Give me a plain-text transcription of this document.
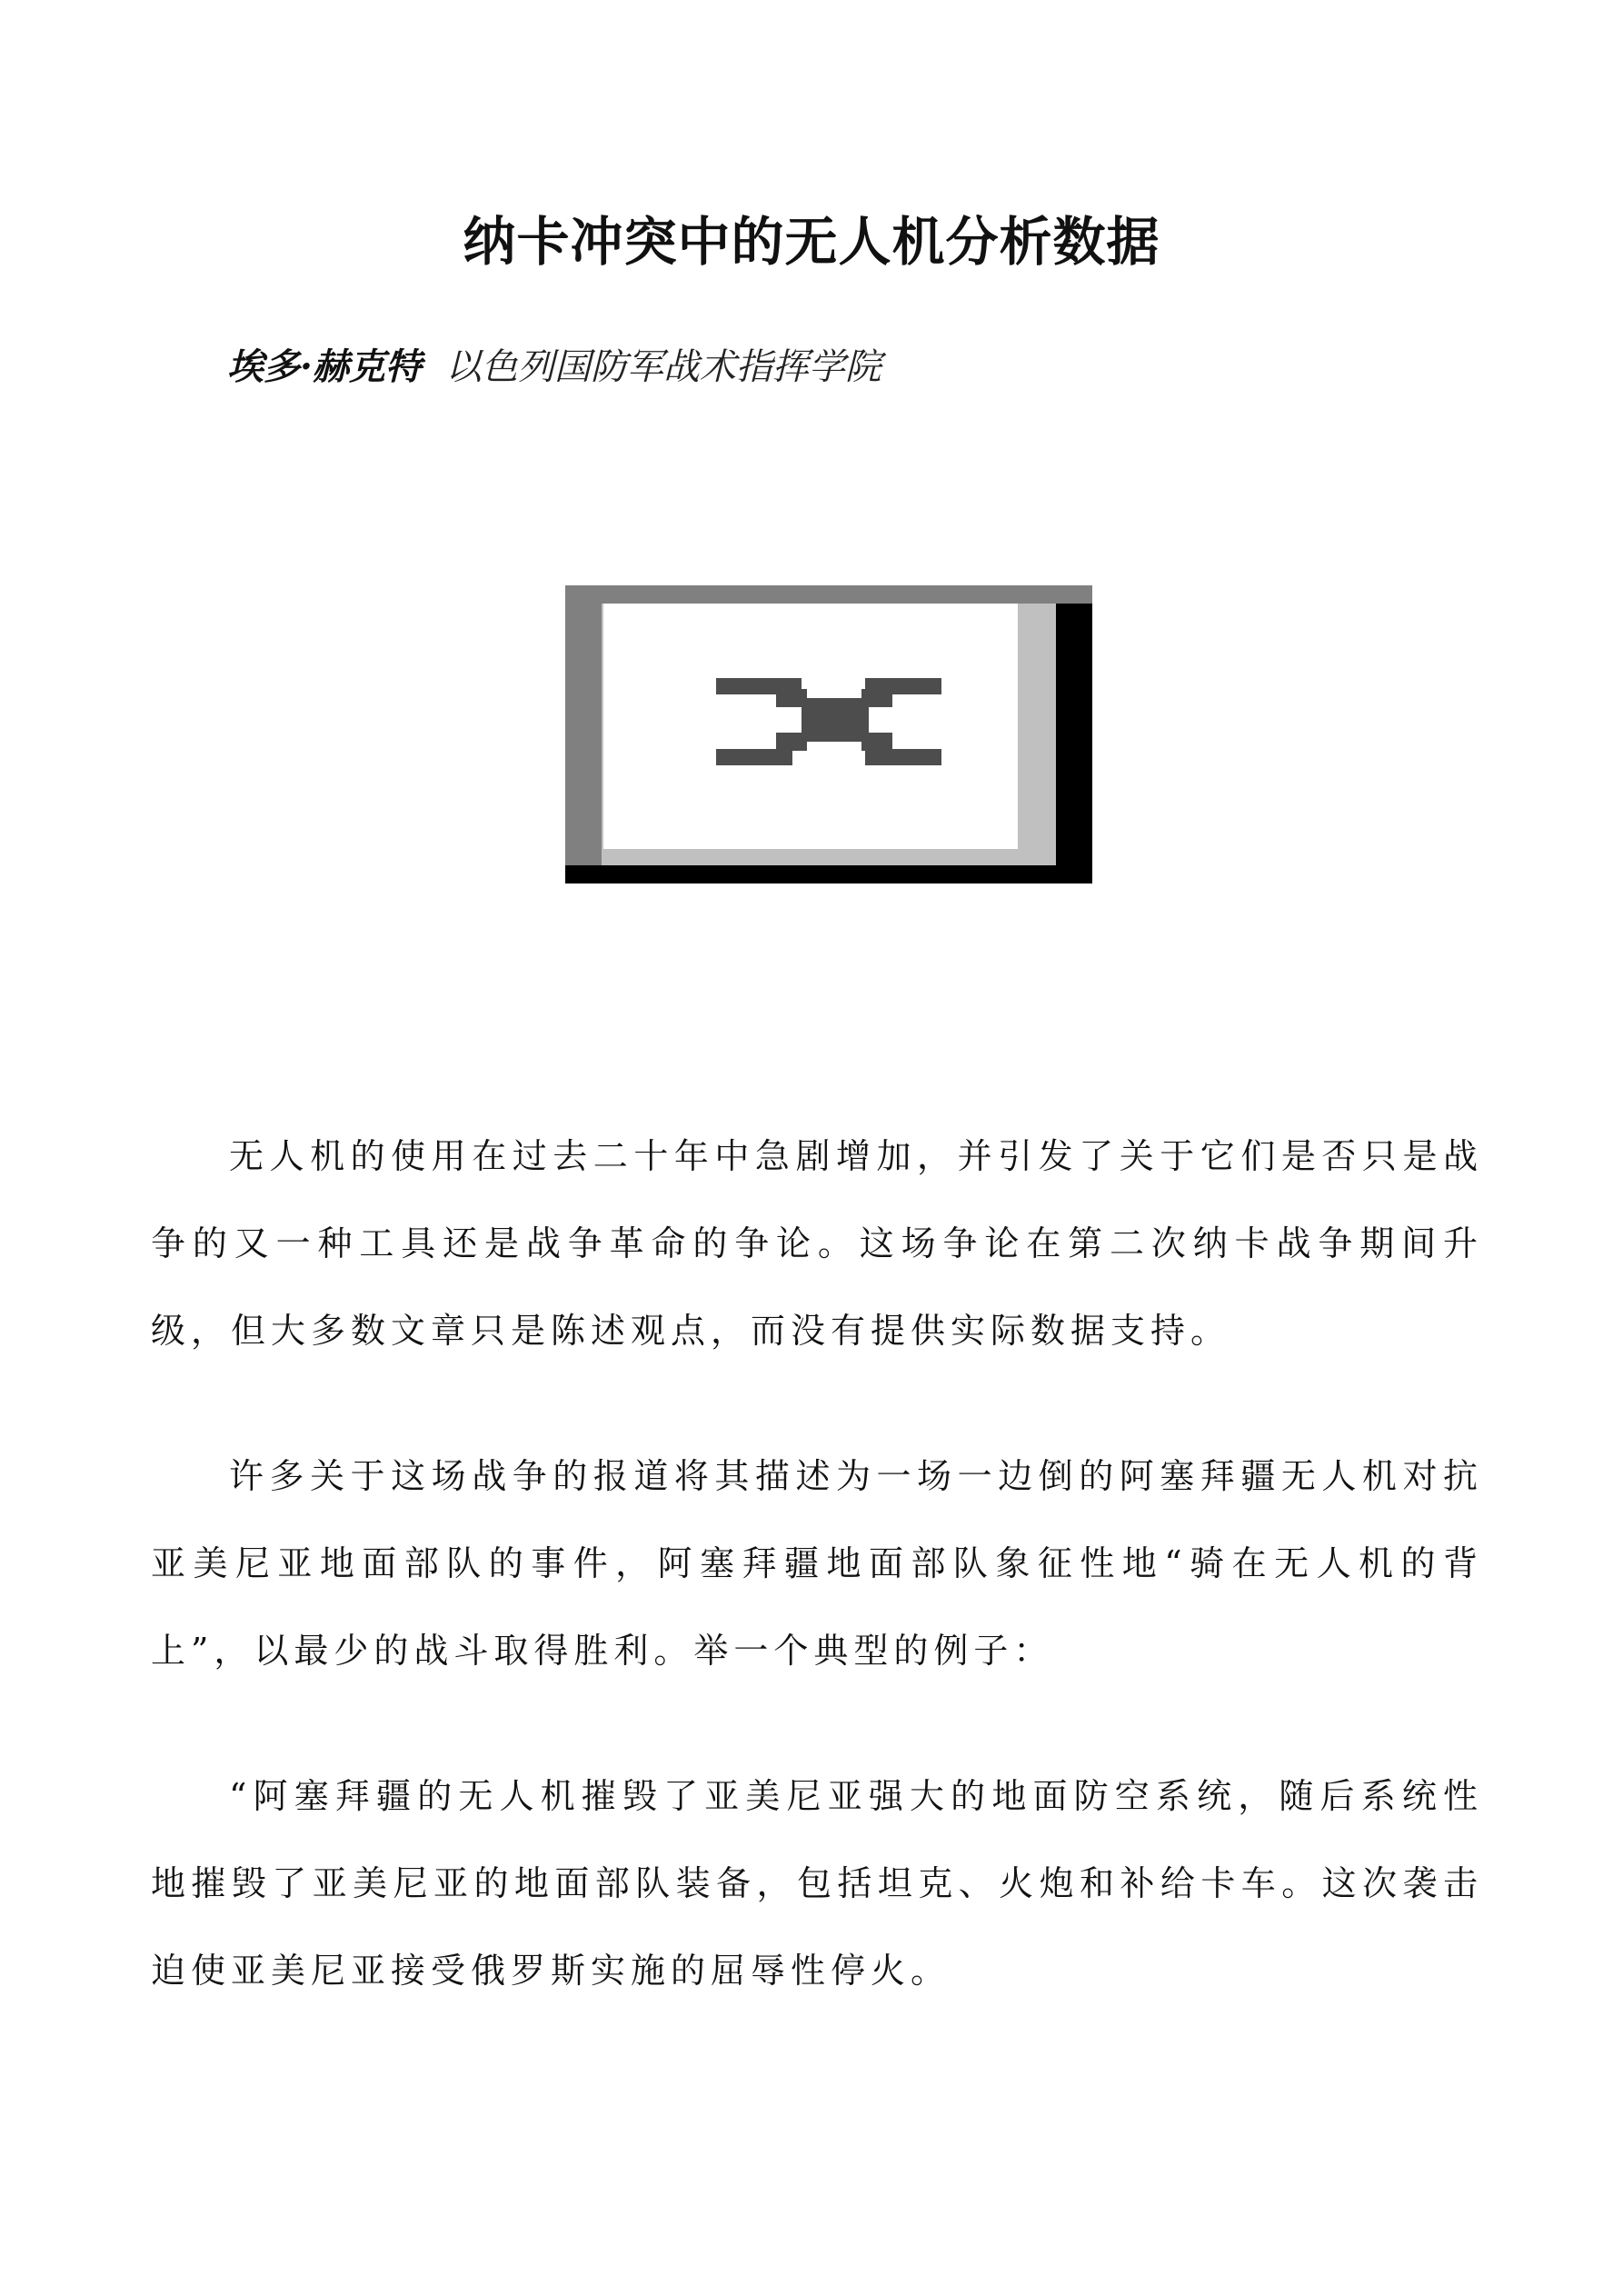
纳卡冲突中的无人机分析数据
埃多·赫克特 以色列国防军战术指挥学院

无人机的使用在过去二十年中急剧增加，并引发了关于它们是否只是战争的又一种工具还是战争革命的争论。这场争论在第二次纳卡战争期间升级，但大多数文章只是陈述观点，而没有提供实际数据支持。

许多关于这场战争的报道将其描述为一场一边倒的阿塞拜疆无人机对抗亚美尼亚地面部队的事件，阿塞拜疆地面部队象征性地“骑在无人机的背上”，以最少的战斗取得胜利。举一个典型的例子：

“阿塞拜疆的无人机摧毁了亚美尼亚强大的地面防空系统，随后系统性地摧毁了亚美尼亚的地面部队装备，包括坦克、火炮和补给卡车。这次袭击迫使亚美尼亚接受俄罗斯实施的屈辱性停火。
